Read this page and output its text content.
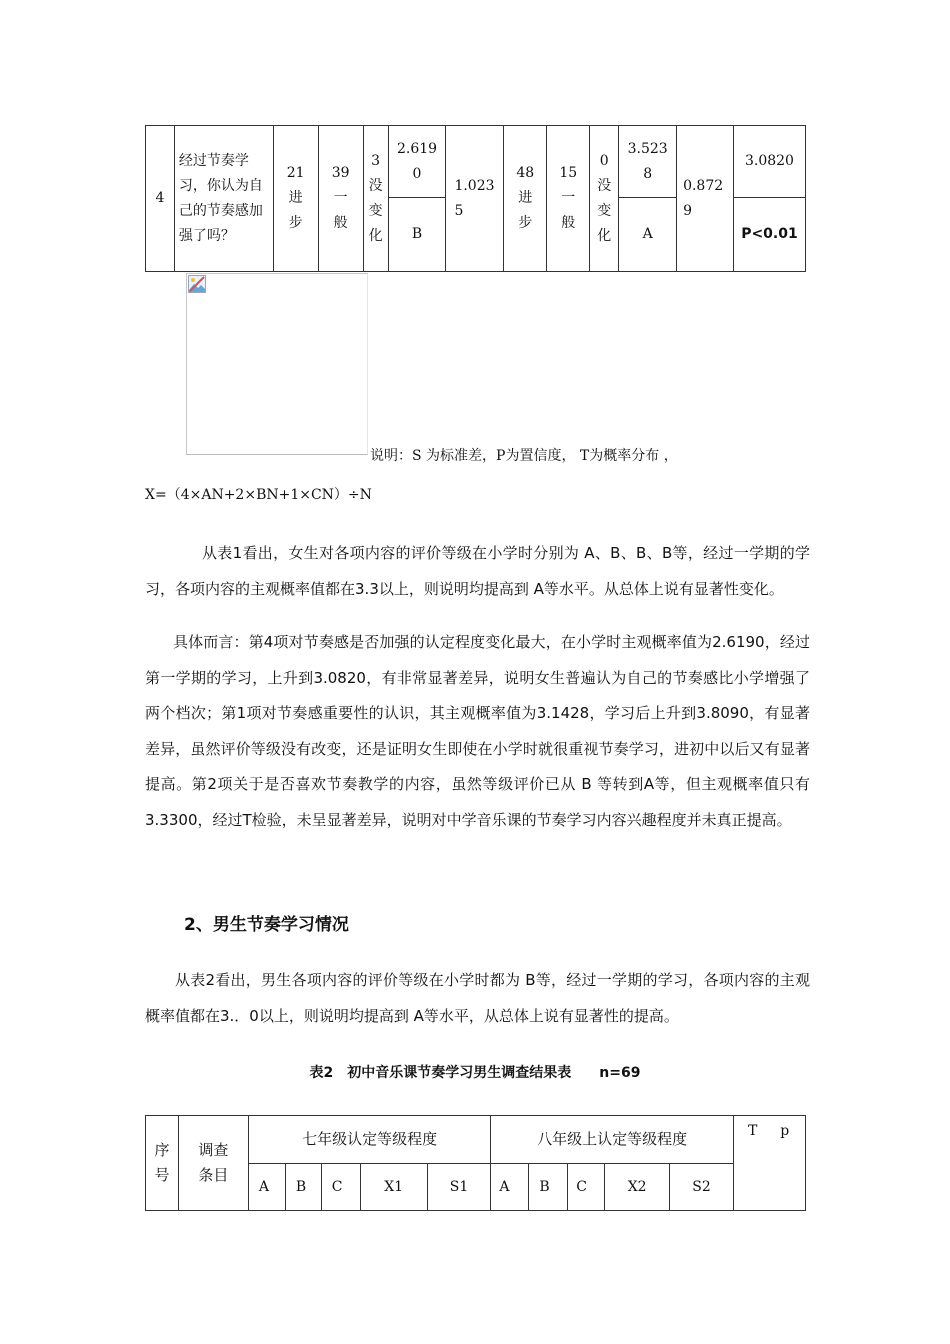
4	经过节奏学习，你认为自己的节奏感加强了吗？	21进步	39一般	3没变化	2.6190	1.0235	48进步	15一般	0没变化	3.5238	0.8729	3.0820
					B					A		P<0.01
说明：S 为标准差，P为置信度， T为概率分布 ，
X=（4×AN+2×BN+1×CN）÷N
从表1看出，女生对各项内容的评价等级在小学时分别为 A、B、B、B等，经过一学期的学习，各项内容的主观概率值都在3.3以上，则说明均提高到 A等水平。从总体上说有显著性变化。
具体而言：第4项对节奏感是否加强的认定程度变化最大，在小学时主观概率值为2.6190，经过第一学期的学习，上升到3.0820，有非常显著差异，说明女生普遍认为自己的节奏感比小学增强了两个档次；第1项对节奏感重要性的认识，其主观概率值为3.1428，学习后上升到3.8090，有显著差异，虽然评价等级没有改变，还是证明女生即使在小学时就很重视节奏学习，进初中以后又有显著提高。第2项关于是否喜欢节奏教学的内容，虽然等级评价已从 B 等转到A等，但主观概率值只有3.3300，经过T检验，未呈显著差异，说明对中学音乐课的节奏学习内容兴趣程度并未真正提高。
2、男生节奏学习情况
从表2看出，男生各项内容的评价等级在小学时都为 B等，经过一学期的学习，各项内容的主观概率值都在3.．0以上，则说明均提高到 A等水平，从总体上说有显著性的提高。
表2　初中音乐课节奏学习男生调查结果表　　n=69
序号	调查条目	七年级认定等级程度					八年级上认定等级程度					T　  p
		A	B	C	X1	S1	A	B	C	X2	S2	
